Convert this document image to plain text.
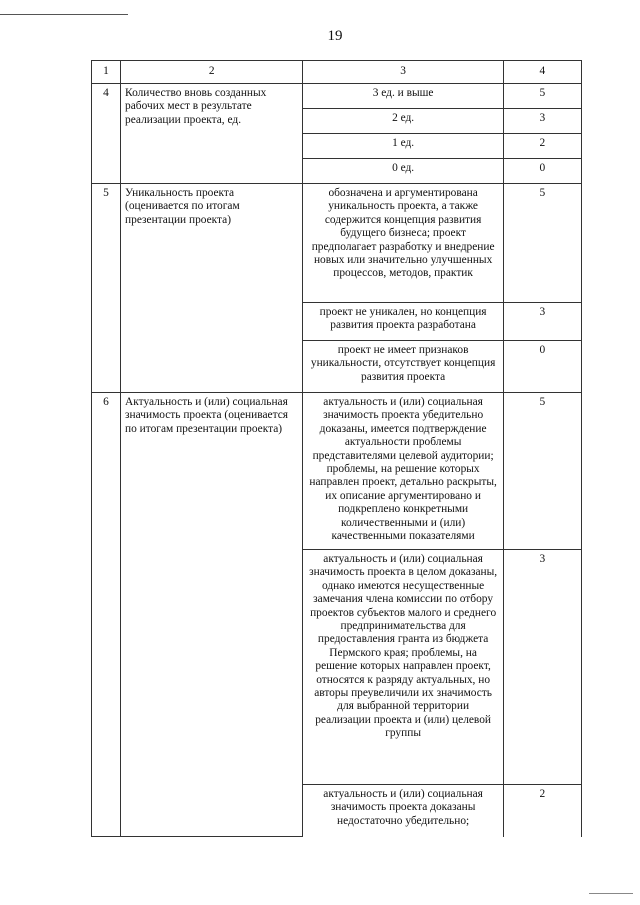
19
1	2	3	4
4	Количество вновь созданных рабочих мест в результате реализации проекта, ед.	3 ед. и выше	5
		2 ед.	3
		1 ед.	2
		0 ед.	0
5	Уникальность проекта (оценивается по итогам презентации проекта)	обозначена и аргументирована уникальность проекта, а также содержится концепция развития будущего бизнеса; проект предполагает разработку и внедрение новых или значительно улучшенных процессов, методов, практик	5
		проект не уникален, но концепция развития проекта разработана	3
		проект не имеет признаков уникальности, отсутствует концепция развития проекта	0
6	Актуальность и (или) социальная значимость проекта (оценивается по итогам презентации проекта)	актуальность и (или) социальная значимость проекта убедительно доказаны, имеется подтверждение актуальности проблемы представителями целевой аудитории; проблемы, на решение которых направлен проект, детально раскрыты, их описание аргументировано и подкреплено конкретными количественными и (или) качественными показателями	5
		актуальность и (или) социальная значимость проекта в целом доказаны, однако имеются несущественные замечания члена комиссии по отбору проектов субъектов малого и среднего предпринимательства для предоставления гранта из бюджета Пермского края; проблемы, на решение которых направлен проект, относятся к разряду актуальных, но авторы преувеличили их значимость для выбранной территории реализации проекта и (или) целевой группы	3
		актуальность и (или) социальная значимость проекта доказаны недостаточно убедительно;	2
